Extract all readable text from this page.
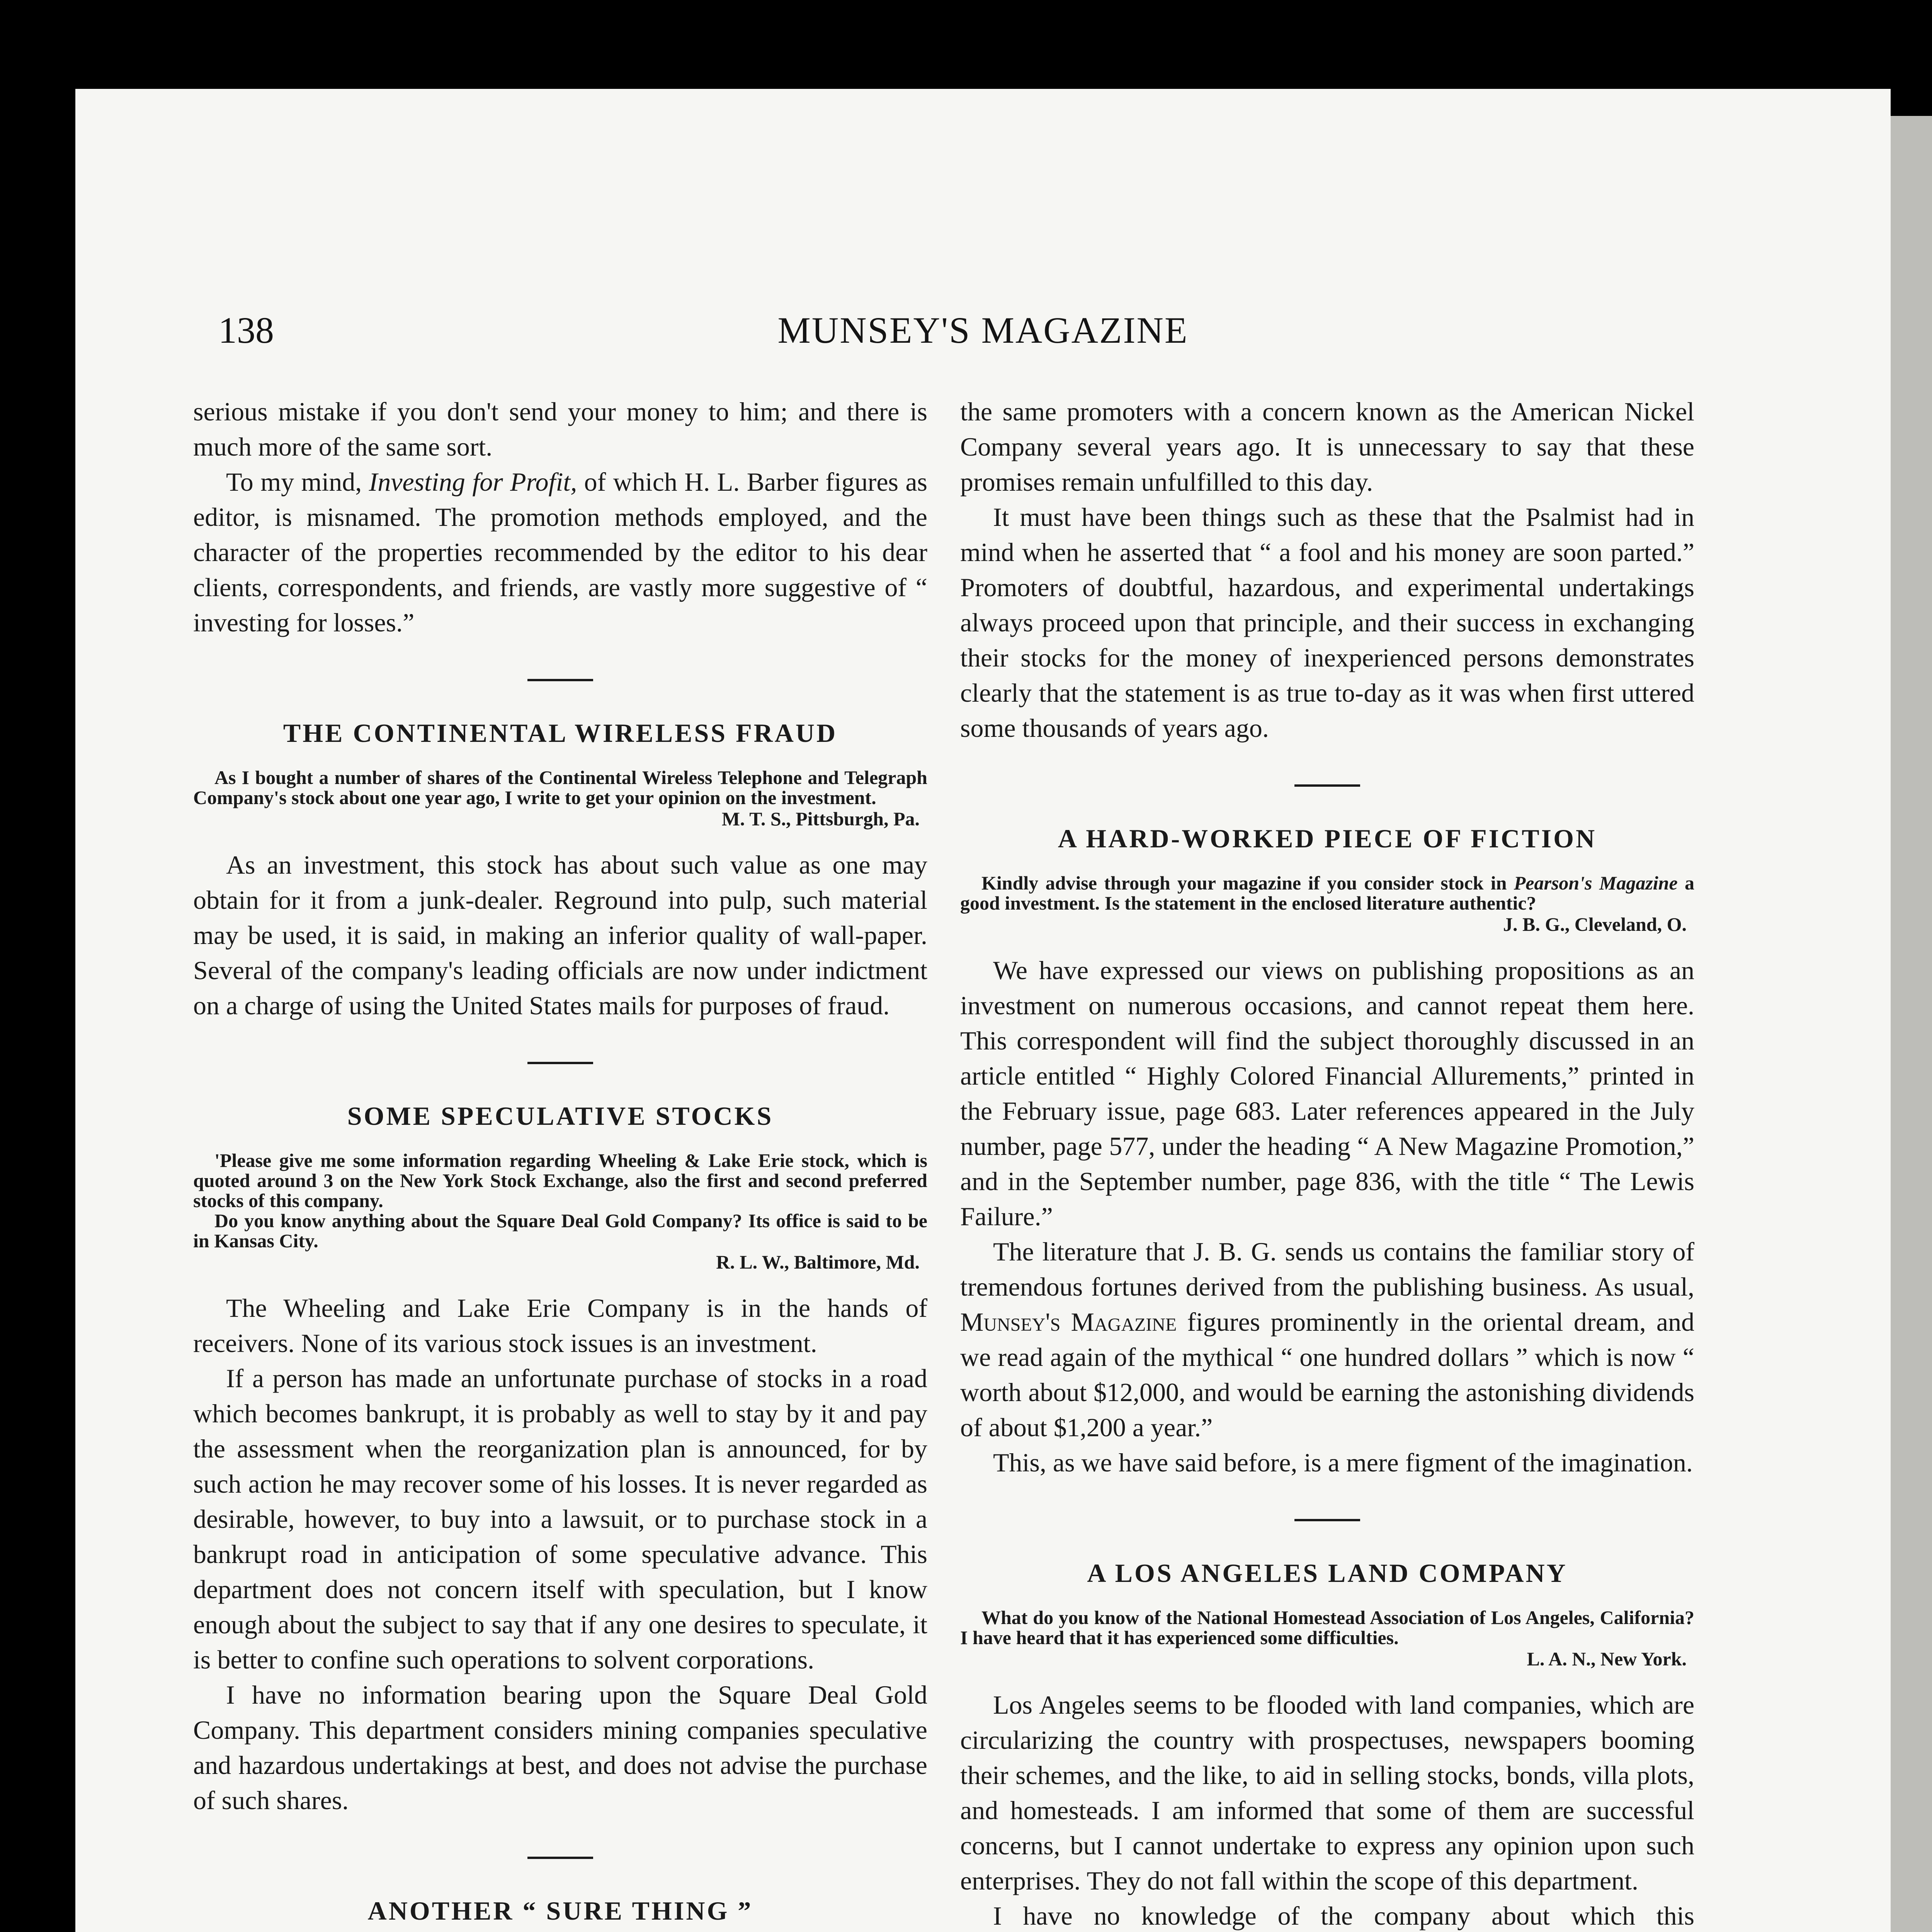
138	MUNSEY'S MAGAZINE

serious mistake if you don't send your money to him; and there is much more of the same sort.

To my mind, Investing for Profit, of which H. L. Barber figures as editor, is misnamed. The promotion methods employed, and the character of the properties recommended by the editor to his dear clients, correspondents, and friends, are vastly more suggestive of “ investing for losses.”

THE CONTINENTAL WIRELESS FRAUD

As I bought a number of shares of the Continental Wireless Telephone and Telegraph Company's stock about one year ago, I write to get your opinion on the investment.

M. T. S., Pittsburgh, Pa.

As an investment, this stock has about such value as one may obtain for it from a junk-dealer. Reground into pulp, such material may be used, it is said, in making an inferior quality of wall-paper. Several of the company's leading officials are now under indictment on a charge of using the United States mails for purposes of fraud.

SOME SPECULATIVE STOCKS

'Please give me some information regarding Wheeling & Lake Erie stock, which is quoted around 3 on the New York Stock Exchange, also the first and second preferred stocks of this company.

Do you know anything about the Square Deal Gold Company? Its office is said to be in Kansas City.

R. L. W., Baltimore, Md.

The Wheeling and Lake Erie Company is in the hands of receivers. None of its various stock issues is an investment.

If a person has made an unfortunate purchase of stocks in a road which becomes bankrupt, it is probably as well to stay by it and pay the assessment when the reorganization plan is announced, for by such action he may recover some of his losses. It is never regarded as desirable, however, to buy into a lawsuit, or to purchase stock in a bankrupt road in anticipation of some speculative advance. This department does not concern itself with speculation, but I know enough about the subject to say that if any one desires to speculate, it is better to confine such operations to solvent corporations.

I have no information bearing upon the Square Deal Gold Company. This department considers mining companies speculative and hazardous undertakings at best, and does not advise the purchase of such shares.

ANOTHER “ SURE THING ”

the same promoters with a concern known as the American Nickel Company several years ago. It is unnecessary to say that these promises remain unfulfilled to this day.

It must have been things such as these that the Psalmist had in mind when he asserted that “ a fool and his money are soon parted.” Promoters of doubtful, hazardous, and experimental undertakings always proceed upon that principle, and their success in exchanging their stocks for the money of inexperienced persons demonstrates clearly that the statement is as true to-day as it was when first uttered some thousands of years ago.

A HARD-WORKED PIECE OF FICTION

Kindly advise through your magazine if you consider stock in Pearson's Magazine a good investment. Is the statement in the enclosed literature authentic?

J. B. G., Cleveland, O.

We have expressed our views on publishing propositions as an investment on numerous occasions, and cannot repeat them here. This correspondent will find the subject thoroughly discussed in an article entitled “ Highly Colored Financial Allurements,” printed in the February issue, page 683. Later references appeared in the July number, page 577, under the heading “ A New Magazine Promotion,” and in the September number, page 836, with the title “ The Lewis Failure.”

The literature that J. B. G. sends us contains the familiar story of tremendous fortunes derived from the publishing business. As usual, Munsey's Magazine figures prominently in the oriental dream, and we read again of the mythical “ one hundred dollars ” which is now “ worth about $12,000, and would be earning the astonishing dividends of about $1,200 a year.”

This, as we have said before, is a mere figment of the imagination.

A LOS ANGELES LAND COMPANY

What do you know of the National Homestead Association of Los Angeles, California? I have heard that it has experienced some difficulties.

L. A. N., New York.

Los Angeles seems to be flooded with land companies, which are circularizing the country with prospectuses, newspapers booming their schemes, and the like, to aid in selling stocks, bonds, villa plots, and homesteads. I am informed that some of them are successful concerns, but I cannot undertake to express any opinion upon such enterprises. They do not fall within the scope of this department.

I have no knowledge of the company about which this
